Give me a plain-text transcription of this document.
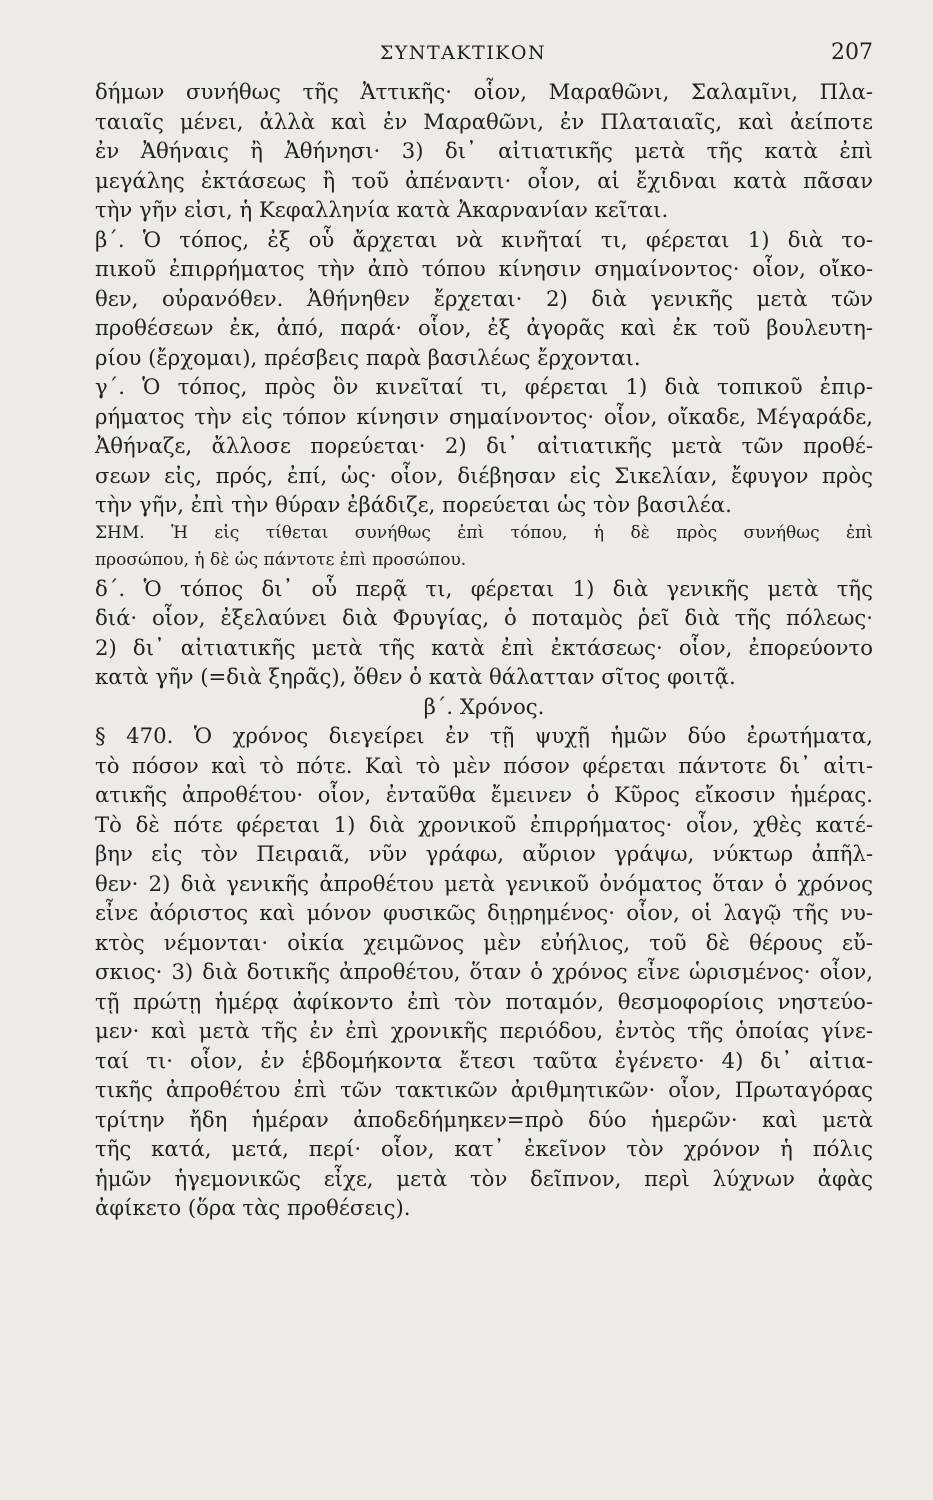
ΣΥΝΤΑΚΤΙΚΟΝ	207
δήμων συνήθως τῆς Ἀττικῆς· οἷον, Μαραθῶνι, Σαλαμῖνι, Πλα-
ταιαῖς μένει, ἀλλὰ καὶ ἐν Μαραθῶνι, ἐν Πλαταιαῖς, καὶ ἀείποτε
ἐν Ἀθήναις ἢ Ἀθήνησι· 3) δι᾽ αἰτιατικῆς μετὰ τῆς κατὰ ἐπὶ
μεγάλης ἐκτάσεως ἢ τοῦ ἀπέναντι· οἷον, αἱ ἔχιδναι κατὰ πᾶσαν
τὴν γῆν εἰσι, ἡ Κεφαλληνία κατὰ Ἀκαρνανίαν κεῖται.
β΄. Ὁ τόπος, ἐξ οὗ ἄρχεται νὰ κινῆταί τι, φέρεται 1) διὰ το-
πικοῦ ἐπιρρήματος τὴν ἀπὸ τόπου κίνησιν σημαίνοντος· οἷον, οἴκο-
θεν, οὐρανόθεν. Ἀθήνηθεν ἔρχεται· 2) διὰ γενικῆς μετὰ τῶν
προθέσεων ἐκ, ἀπό, παρά· οἷον, ἐξ ἀγορᾶς καὶ ἐκ τοῦ βουλευτη-
ρίου (ἔρχομαι), πρέσβεις παρὰ βασιλέως ἔρχονται.
γ΄. Ὁ τόπος, πρὸς ὃν κινεῖταί τι, φέρεται 1) διὰ τοπικοῦ ἐπιρ-
ρήματος τὴν εἰς τόπον κίνησιν σημαίνοντος· οἷον, οἴκαδε, Μέγαράδε,
Ἀθήναζε, ἄλλοσε πορεύεται· 2) δι᾽ αἰτιατικῆς μετὰ τῶν προθέ-
σεων εἰς, πρός, ἐπί, ὡς· οἷον, διέβησαν εἰς Σικελίαν, ἔφυγον πρὸς
τὴν γῆν, ἐπὶ τὴν θύραν ἐβάδιζε, πορεύεται ὡς τὸν βασιλέα.
ΣΗΜ. Ἡ εἰς τίθεται συνήθως ἐπὶ τόπου, ἡ δὲ πρὸς συνήθως ἐπὶ
προσώπου, ἡ δὲ ὡς πάντοτε ἐπὶ προσώπου.
δ΄. Ὁ τόπος δι᾽ οὗ περᾷ τι, φέρεται 1) διὰ γενικῆς μετὰ τῆς
διά· οἷον, ἐξελαύνει διὰ Φρυγίας, ὁ ποταμὸς ῥεῖ διὰ τῆς πόλεως·
2) δι᾽ αἰτιατικῆς μετὰ τῆς κατὰ ἐπὶ ἐκτάσεως· οἷον, ἐπορεύοντο
κατὰ γῆν (=διὰ ξηρᾶς), ὅθεν ὁ κατὰ θάλατταν σῖτος φοιτᾷ.
β΄. Χρόνος.
§ 470. Ὁ χρόνος διεγείρει ἐν τῇ ψυχῇ ἡμῶν δύο ἐρωτήματα,
τὸ πόσον καὶ τὸ πότε. Καὶ τὸ μὲν πόσον φέρεται πάντοτε δι᾽ αἰτι-
ατικῆς ἀπροθέτου· οἷον, ἐνταῦθα ἔμεινεν ὁ Κῦρος εἴκοσιν ἡμέρας.
Τὸ δὲ πότε φέρεται 1) διὰ χρονικοῦ ἐπιρρήματος· οἷον, χθὲς κατέ-
βην εἰς τὸν Πειραιᾶ, νῦν γράφω, αὔριον γράψω, νύκτωρ ἀπῆλ-
θεν· 2) διὰ γενικῆς ἀπροθέτου μετὰ γενικοῦ ὀνόματος ὅταν ὁ χρόνος
εἶνε ἀόριστος καὶ μόνον φυσικῶς διῃρημένος· οἷον, οἱ λαγῷ τῆς νυ-
κτὸς νέμονται· οἰκία χειμῶνος μὲν εὐήλιος, τοῦ δὲ θέρους εὔ-
σκιος· 3) διὰ δοτικῆς ἀπροθέτου, ὅταν ὁ χρόνος εἶνε ὡρισμένος· οἷον,
τῇ πρώτῃ ἡμέρᾳ ἀφίκοντο ἐπὶ τὸν ποταμόν, θεσμοφορίοις νηστεύο-
μεν· καὶ μετὰ τῆς ἐν ἐπὶ χρονικῆς περιόδου, ἐντὸς τῆς ὁποίας γίνε-
ταί τι· οἷον, ἐν ἑβδομήκοντα ἔτεσι ταῦτα ἐγένετο· 4) δι᾽ αἰτια-
τικῆς ἀπροθέτου ἐπὶ τῶν τακτικῶν ἀριθμητικῶν· οἷον, Πρωταγόρας
τρίτην ἤδη ἡμέραν ἀποδεδήμηκεν=πρὸ δύο ἡμερῶν· καὶ μετὰ
τῆς κατά, μετά, περί· οἷον, κατ᾽ ἐκεῖνον τὸν χρόνον ἡ πόλις
ἡμῶν ἡγεμονικῶς εἶχε, μετὰ τὸν δεῖπνον, περὶ λύχνων ἀφὰς
ἀφίκετο (ὅρα τὰς προθέσεις).
